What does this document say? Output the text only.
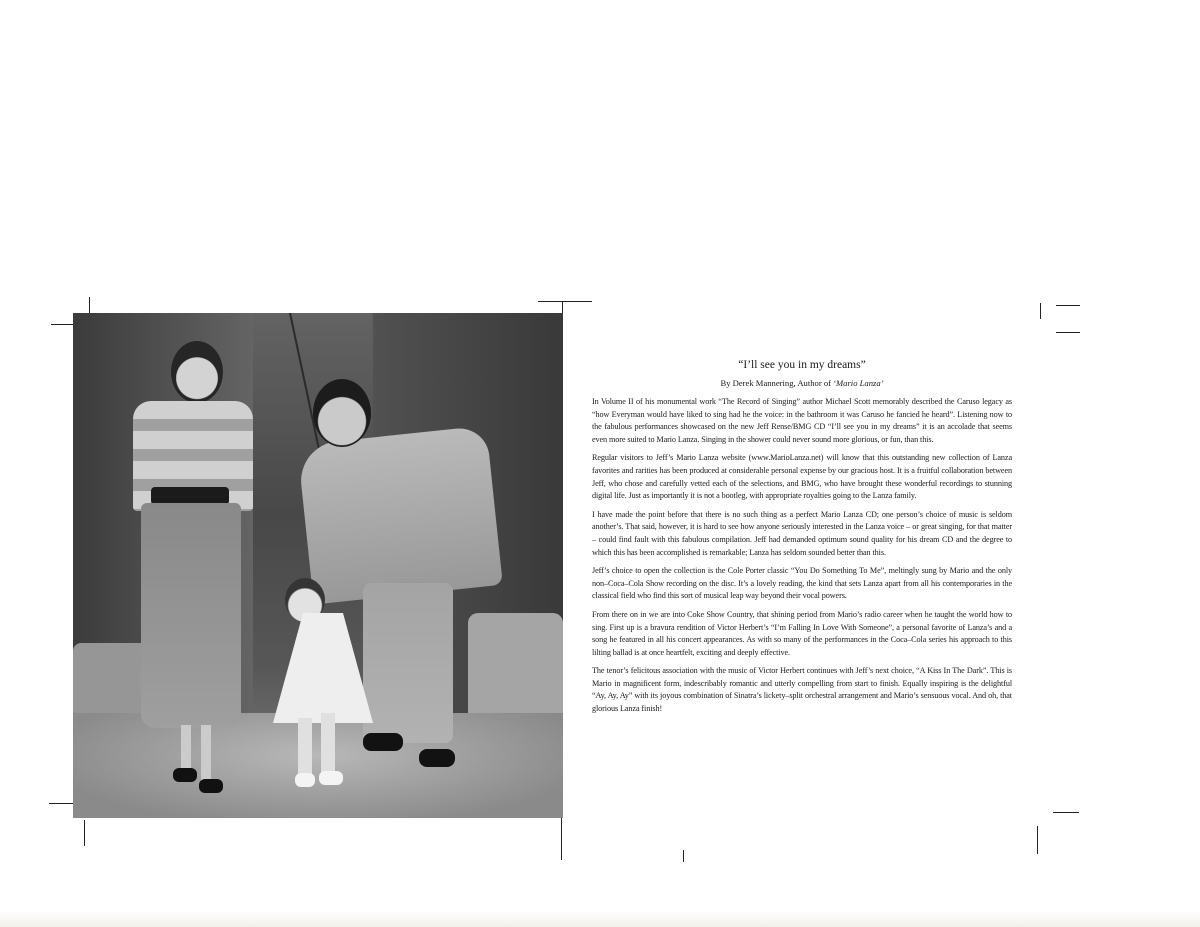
“I’ll see you in my dreams”
By Derek Mannering, Author of ‘Mario Lanza’

In Volume II of his monumental work “The Record of Singing” author Michael Scott memorably described the Caruso legacy as “how Everyman would have liked to sing had he the voice: in the bathroom it was Caruso he fancied he heard”. Listening now to the fabulous performances showcased on the new Jeff Rense/BMG CD “I’ll see you in my dreams” it is an accolade that seems even more suited to Mario Lanza. Singing in the shower could never sound more glorious, or fun, than this.

Regular visitors to Jeff’s Mario Lanza website (www.MarioLanza.net) will know that this outstanding new collection of Lanza favorites and rarities has been produced at considerable personal expense by our gracious host. It is a fruitful collaboration between Jeff, who chose and carefully vetted each of the selections, and BMG, who have brought these wonderful recordings to stunning digital life. Just as importantly it is not a bootleg, with appropriate royalties going to the Lanza family.

I have made the point before that there is no such thing as a perfect Mario Lanza CD; one person’s choice of music is seldom another’s. That said, however, it is hard to see how anyone seriously interested in the Lanza voice – or great singing, for that matter – could find fault with this fabulous compilation. Jeff had demanded optimum sound quality for his dream CD and the degree to which this has been accomplished is remarkable; Lanza has seldom sounded better than this.

Jeff’s choice to open the collection is the Cole Porter classic “You Do Something To Me”, meltingly sung by Mario and the only non–Coca–Cola Show recording on the disc. It’s a lovely reading, the kind that sets Lanza apart from all his contemporaries in the classical field who find this sort of musical leap way beyond their vocal powers.

From there on in we are into Coke Show Country, that shining period from Mario’s radio career when he taught the world how to sing. First up is a bravura rendition of Victor Herbert’s “I’m Falling In Love With Someone”, a personal favorite of Lanza’s and a song he featured in all his concert appearances. As with so many of the performances in the Coca–Cola series his approach to this lilting ballad is at once heartfelt, exciting and deeply effective.

The tenor’s felicitous association with the music of Victor Herbert continues with Jeff’s next choice, “A Kiss In The Dark”. This is Mario in magnificent form, indescribably romantic and utterly compelling from start to finish. Equally inspiring is the delightful “Ay, Ay, Ay” with its joyous combination of Sinatra’s lickety–split orchestral arrangement and Mario’s sensuous vocal. And oh, that glorious Lanza finish!
